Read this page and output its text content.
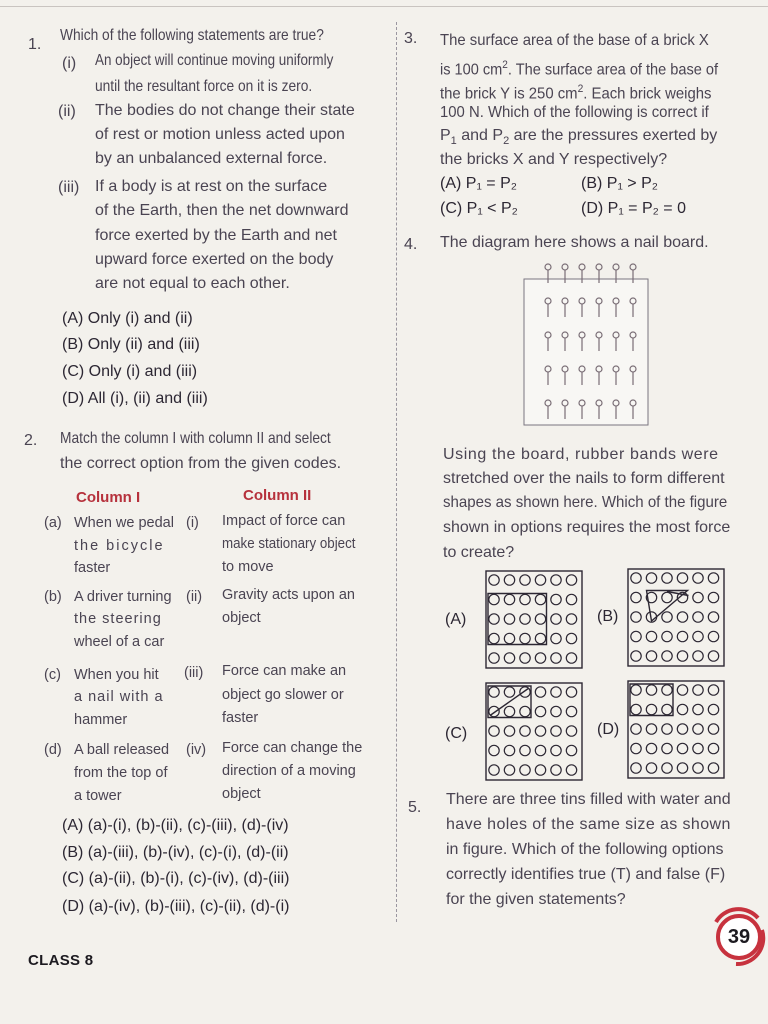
1.
Which of the following statements are true?
(i) An object will continue moving uniformly
until the resultant force on it is zero.
(ii) The bodies do not change their state
of rest or motion unless acted upon
by an unbalanced external force.
(iii) If a body is at rest on the surface
of the Earth, then the net downward
force exerted by the Earth and net
upward force exerted on the body
are not equal to each other.
(A) Only (i) and (ii)
(B) Only (ii) and (iii)
(C) Only (i) and (iii)
(D) All (i), (ii) and (iii)
2. Match the column I with column II and select
the correct option from the given codes.
Column I	Column II
(a) When we pedal
the bicycle
faster
(i) Impact of force can
make stationary object
to move
(b) A driver turning
the steering
wheel of a car
(ii) Gravity acts upon an
object
(c) When you hit
a nail with a
hammer
(iii) Force can make an
object go slower or
faster
(d) A ball released
from the top of
a tower
(iv) Force can change the
direction of a moving
object
(A) (a)-(i), (b)-(ii), (c)-(iii), (d)-(iv)
(B) (a)-(iii), (b)-(iv), (c)-(i), (d)-(ii)
(C) (a)-(ii), (b)-(i), (c)-(iv), (d)-(iii)
(D) (a)-(iv), (b)-(iii), (c)-(ii), (d)-(i)
3. The surface area of the base of a brick X
is 100 $cm^2$. The surface area of the base of
the brick Y is 250 $cm^2$. Each brick weighs
100 N. Which of the following is correct if
$P_1$ and $P_2$ are the pressures exerted by
the bricks X and Y respectively?
(A) P₁ = P₂	(B) P₁ > P₂
(C) P₁ < P₂	(D) P₁ = P₂ = 0
4. The diagram here shows a nail board.
Using the board, rubber bands were
stretched over the nails to form different
shapes as shown here. Which of the figure
shown in options requires the most force
to create?
(A)	(B)
(C)	(D)
5. There are three tins filled with water and
have holes of the same size as shown
in figure. Which of the following options
correctly identifies true (T) and false (F)
for the given statements?
CLASS 8
39
